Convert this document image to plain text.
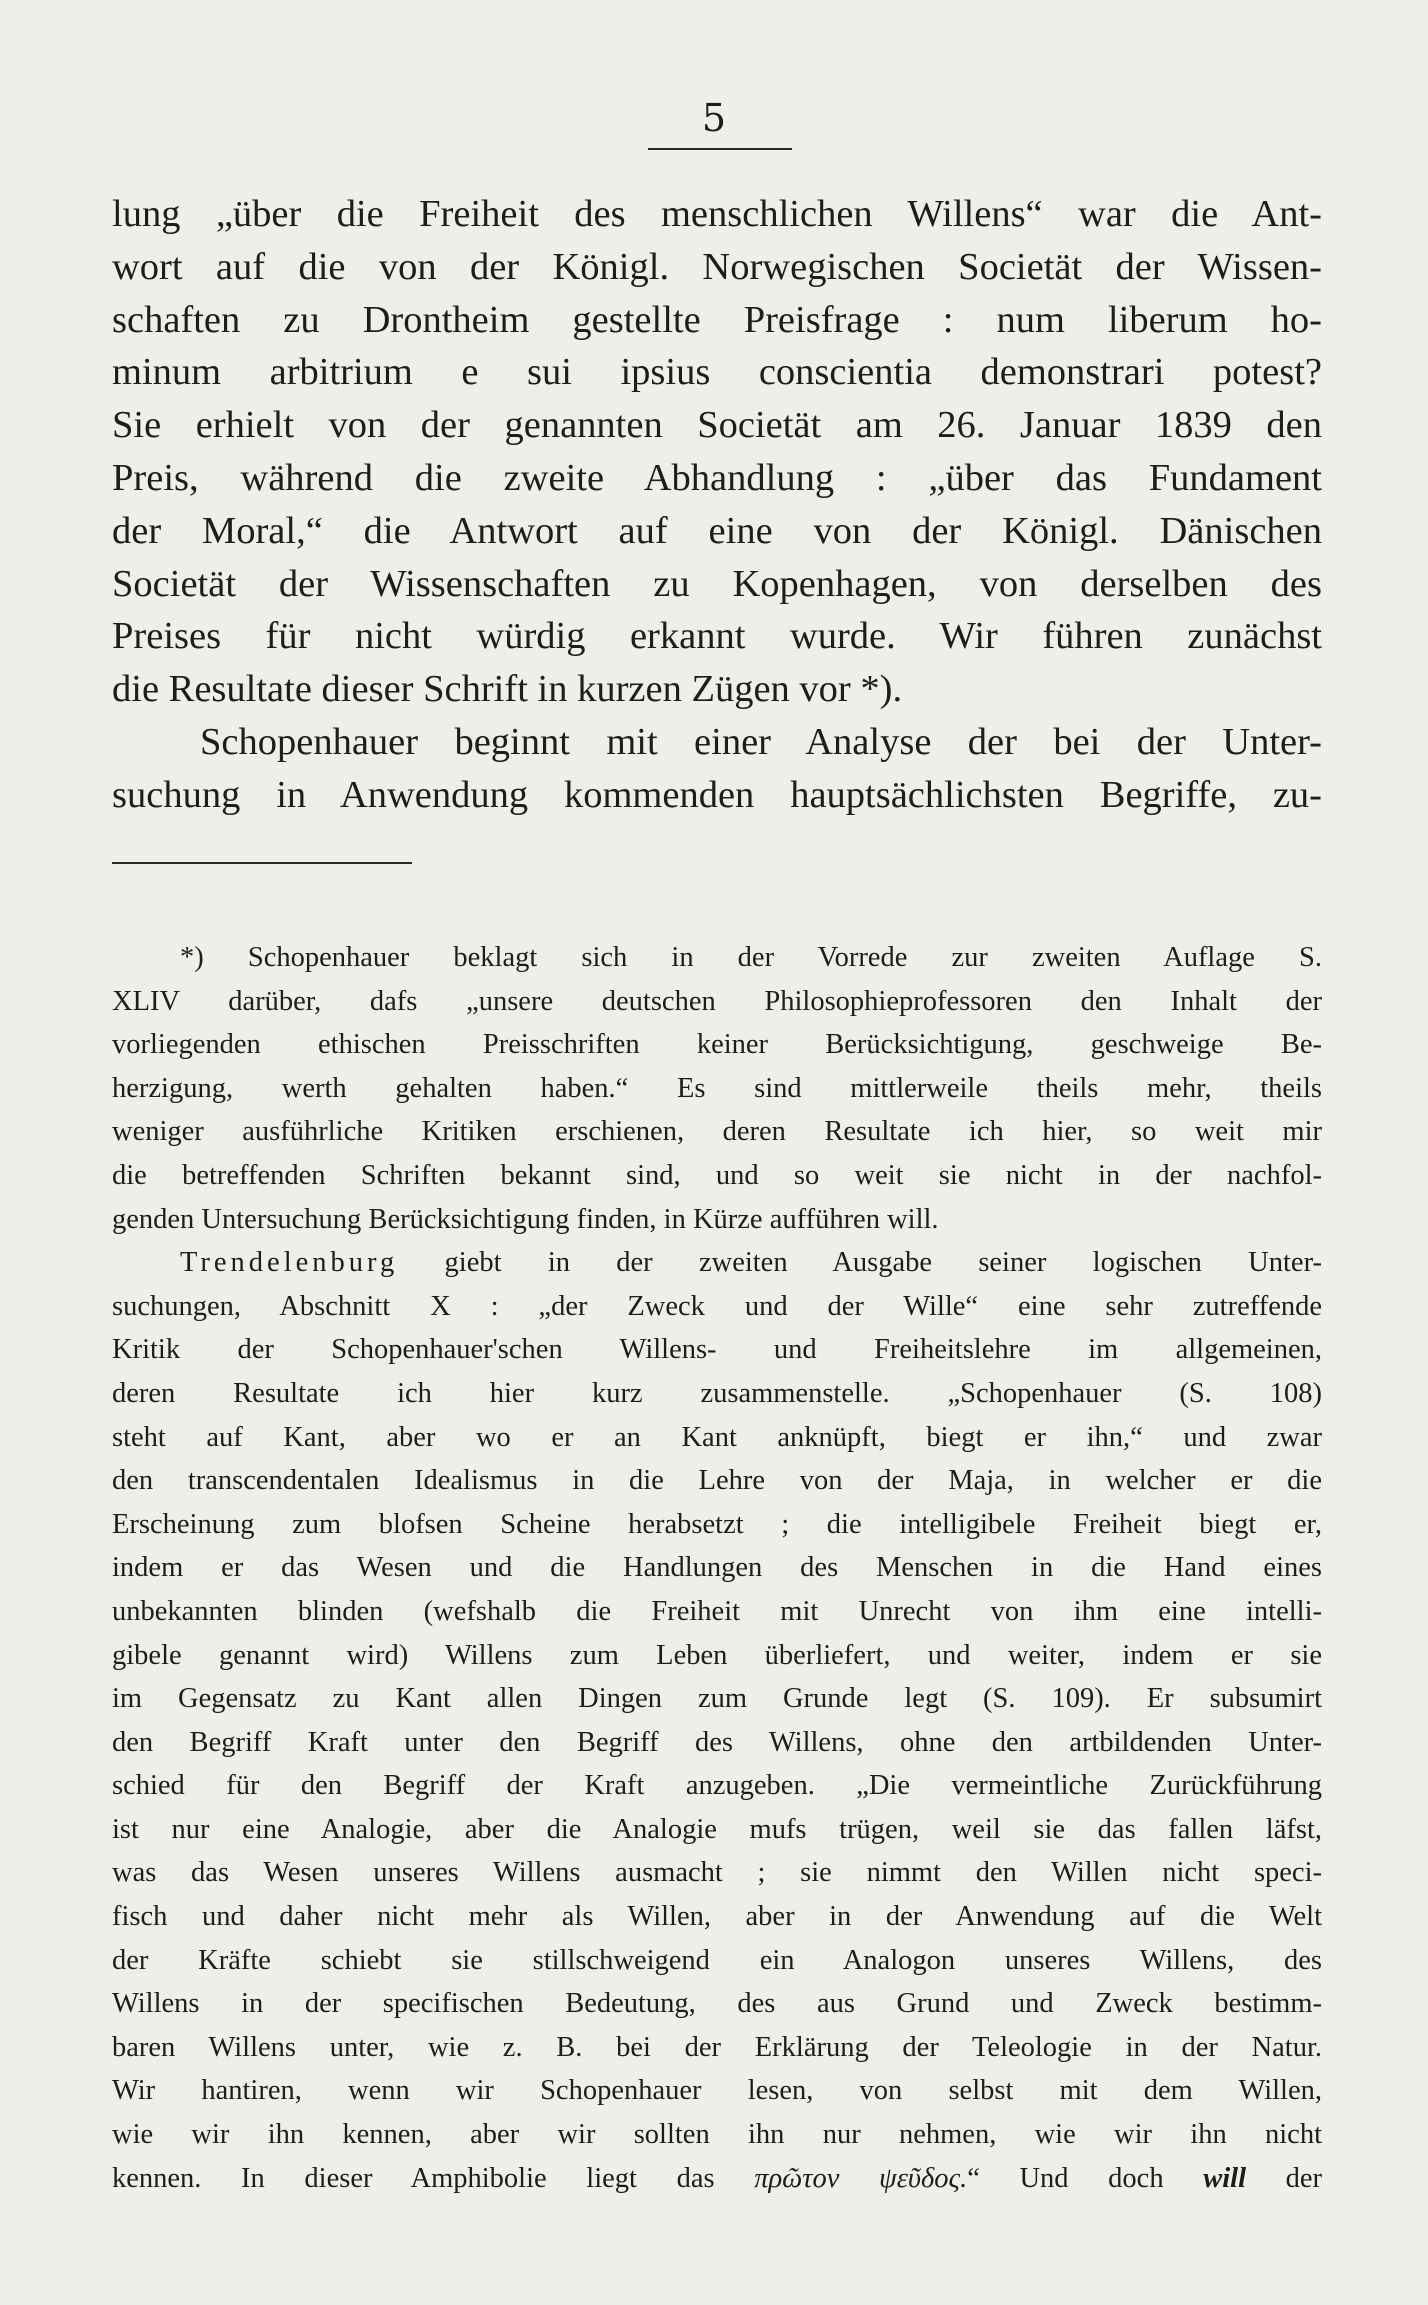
5
lung „über die Freiheit des menschlichen Willens“ war die Ant-
wort auf die von der Königl. Norwegischen Societät der Wissen-
schaften zu Drontheim gestellte Preisfrage : num liberum ho-
minum arbitrium e sui ipsius conscientia demonstrari potest?
Sie erhielt von der genannten Societät am 26. Januar 1839 den
Preis, während die zweite Abhandlung : „über das Fundament
der Moral,“ die Antwort auf eine von der Königl. Dänischen
Societät der Wissenschaften zu Kopenhagen, von derselben des
Preises für nicht würdig erkannt wurde. Wir führen zunächst
die Resultate dieser Schrift in kurzen Zügen vor *).
Schopenhauer beginnt mit einer Analyse der bei der Unter-
suchung in Anwendung kommenden hauptsächlichsten Begriffe, zu-
*) Schopenhauer beklagt sich in der Vorrede zur zweiten Auflage S.
XLIV darüber, dafs „unsere deutschen Philosophieprofessoren den Inhalt der
vorliegenden ethischen Preisschriften keiner Berücksichtigung, geschweige Be-
herzigung, werth gehalten haben.“ Es sind mittlerweile theils mehr, theils
weniger ausführliche Kritiken erschienen, deren Resultate ich hier, so weit mir
die betreffenden Schriften bekannt sind, und so weit sie nicht in der nachfol-
genden Untersuchung Berücksichtigung finden, in Kürze aufführen will.
Trendelenburg giebt in der zweiten Ausgabe seiner logischen Unter-
suchungen, Abschnitt X : „der Zweck und der Wille“ eine sehr zutreffende
Kritik der Schopenhauer'schen Willens- und Freiheitslehre im allgemeinen,
deren Resultate ich hier kurz zusammenstelle. „Schopenhauer (S. 108)
steht auf Kant, aber wo er an Kant anknüpft, biegt er ihn,“ und zwar
den transcendentalen Idealismus in die Lehre von der Maja, in welcher er die
Erscheinung zum blofsen Scheine herabsetzt ; die intelligibele Freiheit biegt er,
indem er das Wesen und die Handlungen des Menschen in die Hand eines
unbekannten blinden (wefshalb die Freiheit mit Unrecht von ihm eine intelli-
gibele genannt wird) Willens zum Leben überliefert, und weiter, indem er sie
im Gegensatz zu Kant allen Dingen zum Grunde legt (S. 109). Er subsumirt
den Begriff Kraft unter den Begriff des Willens, ohne den artbildenden Unter-
schied für den Begriff der Kraft anzugeben. „Die vermeintliche Zurückführung
ist nur eine Analogie, aber die Analogie mufs trügen, weil sie das fallen läfst,
was das Wesen unseres Willens ausmacht ; sie nimmt den Willen nicht speci-
fisch und daher nicht mehr als Willen, aber in der Anwendung auf die Welt
der Kräfte schiebt sie stillschweigend ein Analogon unseres Willens, des
Willens in der specifischen Bedeutung, des aus Grund und Zweck bestimm-
baren Willens unter, wie z. B. bei der Erklärung der Teleologie in der Natur.
Wir hantiren, wenn wir Schopenhauer lesen, von selbst mit dem Willen,
wie wir ihn kennen, aber wir sollten ihn nur nehmen, wie wir ihn nicht
kennen. In dieser Amphibolie liegt das πρῶτον ψεῦδος.“ Und doch will der
